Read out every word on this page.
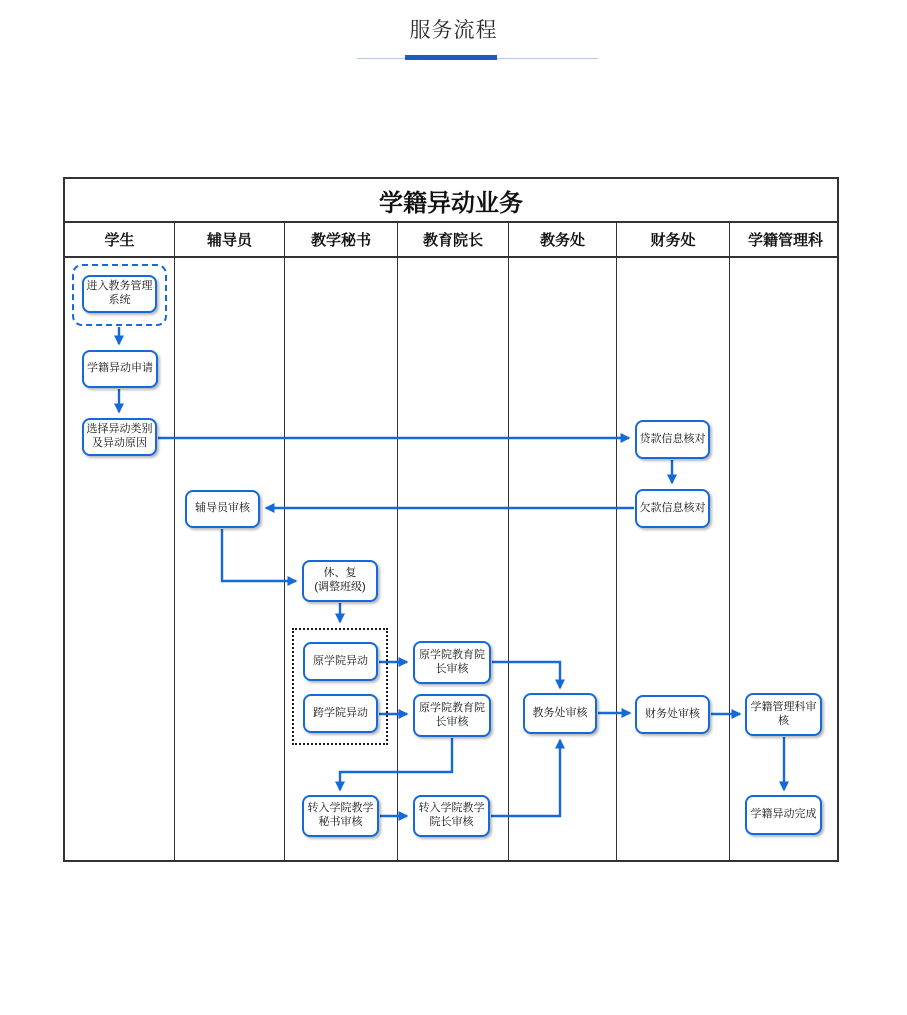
服务流程
学籍异动业务
学生	辅导员	教学秘书	教育院长	教务处	财务处	学籍管理科
进入教务管理
系统
学籍异动申请
选择异动类别
及异动原因
辅导员审核
休、复
(调整班级)
原学院异动
跨学院异动
原学院教育院
长审核
原学院教育院
长审核
教务处审核
贷款信息核对
欠款信息核对
财务处审核
转入学院教学
秘书审核
转入学院教学
院长审核
学籍管理科审
核
学籍异动完成
